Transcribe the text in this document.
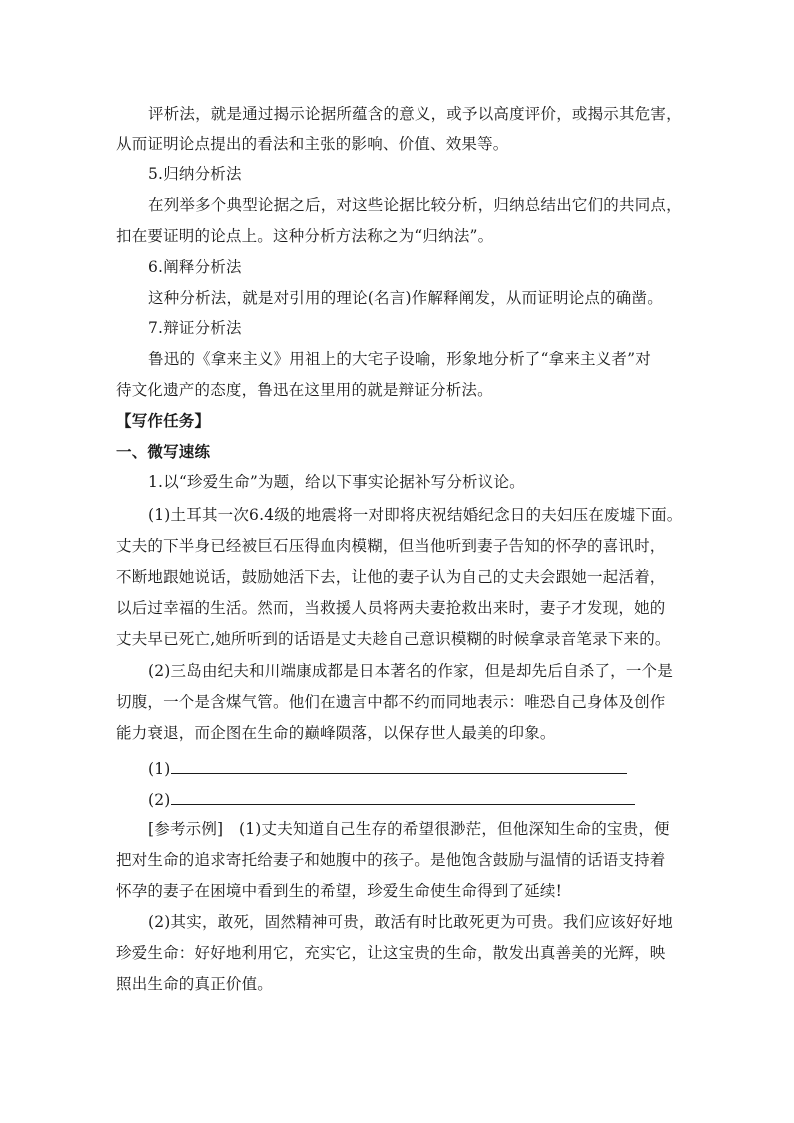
评析法，就是通过揭示论据所蕴含的意义，或予以高度评价，或揭示其危害，
从而证明论点提出的看法和主张的影响、价值、效果等。
5.归纳分析法
在列举多个典型论据之后，对这些论据比较分析，归纳总结出它们的共同点，
扣在要证明的论点上。这种分析方法称之为“归纳法”。
6.阐释分析法
这种分析法，就是对引用的理论(名言)作解释阐发，从而证明论点的确凿。
7.辩证分析法
鲁迅的《拿来主义》用祖上的大宅子设喻，形象地分析了“拿来主义者”对
待文化遗产的态度，鲁迅在这里用的就是辩证分析法。
【写作任务】
一、微写速练
1.以“珍爱生命”为题，给以下事实论据补写分析议论。
(1)土耳其一次6.4级的地震将一对即将庆祝结婚纪念日的夫妇压在废墟下面。
丈夫的下半身已经被巨石压得血肉模糊，但当他听到妻子告知的怀孕的喜讯时，
不断地跟她说话，鼓励她活下去，让他的妻子认为自己的丈夫会跟她一起活着，
以后过幸福的生活。然而，当救援人员将两夫妻抢救出来时，妻子才发现，她的
丈夫早已死亡,她所听到的话语是丈夫趁自己意识模糊的时候拿录音笔录下来的。
(2)三岛由纪夫和川端康成都是日本著名的作家，但是却先后自杀了，一个是
切腹，一个是含煤气管。他们在遗言中都不约而同地表示：唯恐自己身体及创作
能力衰退，而企图在生命的巅峰陨落，以保存世人最美的印象。
(1)
(2)
[参考示例]　(1)丈夫知道自己生存的希望很渺茫，但他深知生命的宝贵，便
把对生命的追求寄托给妻子和她腹中的孩子。是他饱含鼓励与温情的话语支持着
怀孕的妻子在困境中看到生的希望，珍爱生命使生命得到了延续!
(2)其实，敢死，固然精神可贵，敢活有时比敢死更为可贵。我们应该好好地
珍爱生命：好好地利用它，充实它，让这宝贵的生命，散发出真善美的光辉，映
照出生命的真正价值。
